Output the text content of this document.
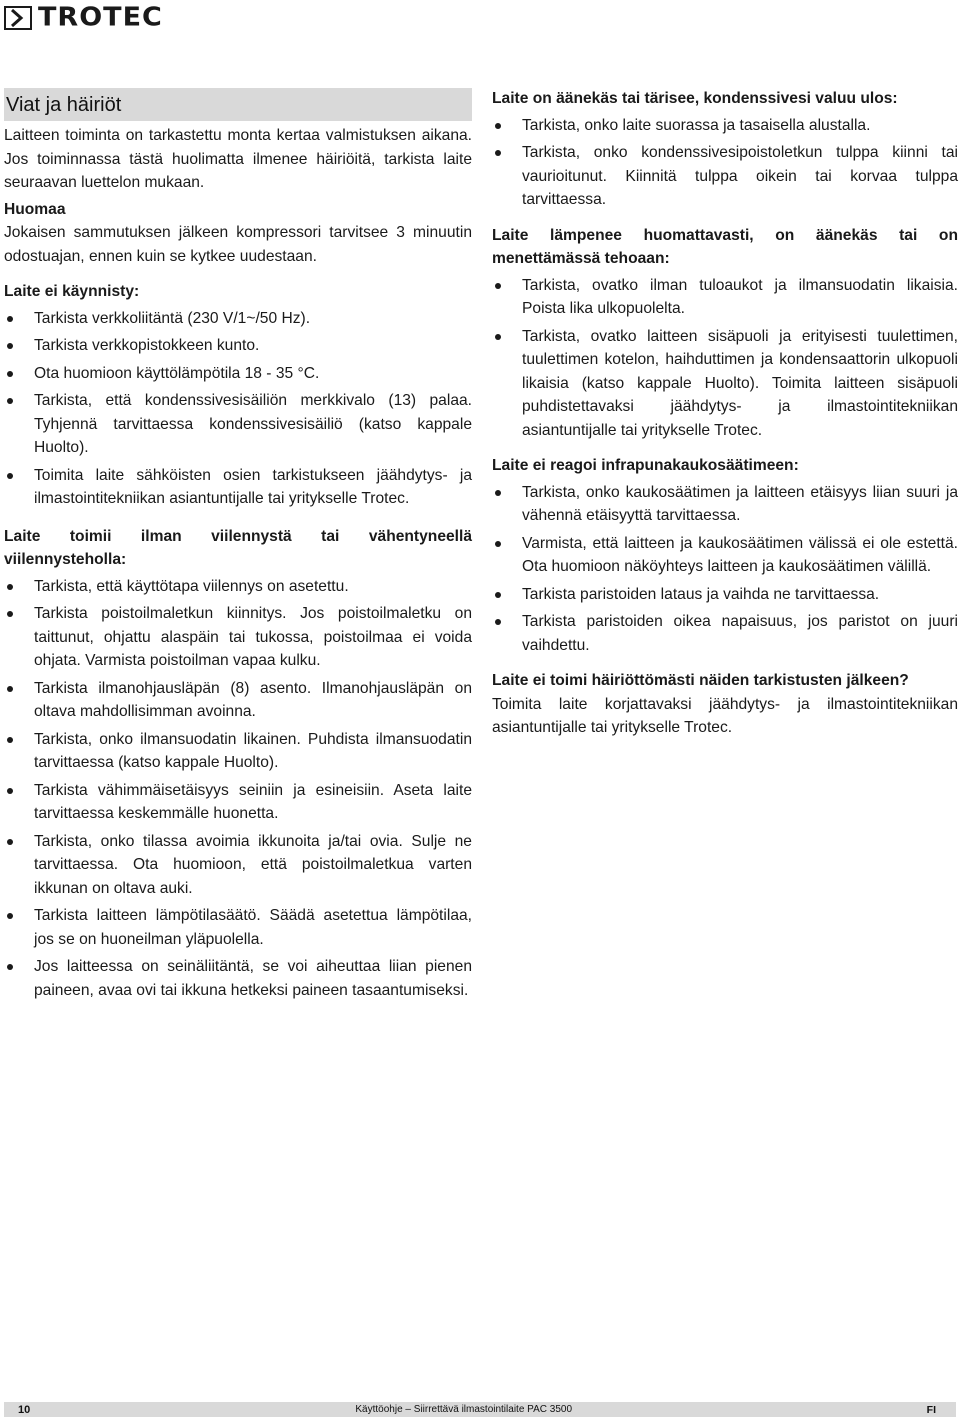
TROTEC
Viat ja häiriöt

Laitteen toiminta on tarkastettu monta kertaa valmistuksen aikana. Jos toiminnassa tästä huolimatta ilmenee häiriöitä, tarkista laite seuraavan luettelon mukaan.

Huomaa

Jokaisen sammutuksen jälkeen kompressori tarvitsee 3 minuutin odostuajan, ennen kuin se kytkee uudestaan.

Laite ei käynnisty:

Tarkista verkkoliitäntä (230 V/1~/50 Hz).
Tarkista verkkopistokkeen kunto.
Ota huomioon käyttölämpötila 18 - 35 °C.
Tarkista, että kondenssivesisäiliön merkkivalo (13) palaa. Tyhjennä tarvittaessa kondenssivesisäiliö (katso kappale Huolto).
Toimita laite sähköisten osien tarkistukseen jäähdytys- ja ilmastointitekniikan asiantuntijalle tai yritykselle Trotec.

Laite toimii ilman viilennystä tai vähentyneellä viilennysteholla:

Tarkista, että käyttötapa viilennys on asetettu.
Tarkista poistoilmaletkun kiinnitys. Jos poistoilmaletku on taittunut, ohjattu alaspäin tai tukossa, poistoilmaa ei voida ohjata. Varmista poistoilman vapaa kulku.
Tarkista ilmanohjausläpän (8) asento. Ilmanohjausläpän on oltava mahdollisimman avoinna.
Tarkista, onko ilmansuodatin likainen. Puhdista ilmansuodatin tarvittaessa (katso kappale Huolto).
Tarkista vähimmäisetäisyys seiniin ja esineisiin. Aseta laite tarvittaessa keskemmälle huonetta.
Tarkista, onko tilassa avoimia ikkunoita ja/tai ovia. Sulje ne tarvittaessa. Ota huomioon, että poistoilmaletkua varten ikkunan on oltava auki.
Tarkista laitteen lämpötilasäätö. Säädä asetettua lämpötilaa, jos se on huoneilman yläpuolella.
Jos laitteessa on seinäliitäntä, se voi aiheuttaa liian pienen paineen, avaa ovi tai ikkuna hetkeksi paineen tasaantumiseksi.

Laite on äänekäs tai tärisee, kondenssivesi valuu ulos:

Tarkista, onko laite suorassa ja tasaisella alustalla.
Tarkista, onko kondenssivesipoistoletkun tulppa kiinni tai vaurioitunut. Kiinnitä tulppa oikein tai korvaa tulppa tarvittaessa.

Laite lämpenee huomattavasti, on äänekäs tai on menettämässä tehoaan:

Tarkista, ovatko ilman tuloaukot ja ilmansuodatin likaisia. Poista lika ulkopuolelta.
Tarkista, ovatko laitteen sisäpuoli ja erityisesti tuulettimen, tuulettimen kotelon, haihduttimen ja kondensaattorin ulkopuoli likaisia (katso kappale Huolto). Toimita laitteen sisäpuoli puhdistettavaksi jäähdytys- ja ilmastointitekniikan asiantuntijalle tai yritykselle Trotec.

Laite ei reagoi infrapunakaukosäätimeen:

Tarkista, onko kaukosäätimen ja laitteen etäisyys liian suuri ja vähennä etäisyyttä tarvittaessa.
Varmista, että laitteen ja kaukosäätimen välissä ei ole estettä. Ota huomioon näköyhteys laitteen ja kaukosäätimen välillä.
Tarkista paristoiden lataus ja vaihda ne tarvittaessa.
Tarkista paristoiden oikea napaisuus, jos paristot on juuri vaihdettu.

Laite ei toimi häiriöttömästi näiden tarkistusten jälkeen?

Toimita laite korjattavaksi jäähdytys- ja ilmastointitekniikan asiantuntijalle tai yritykselle Trotec.

10	Käyttöohje – Siirrettävä ilmastointilaite PAC 3500	FI
